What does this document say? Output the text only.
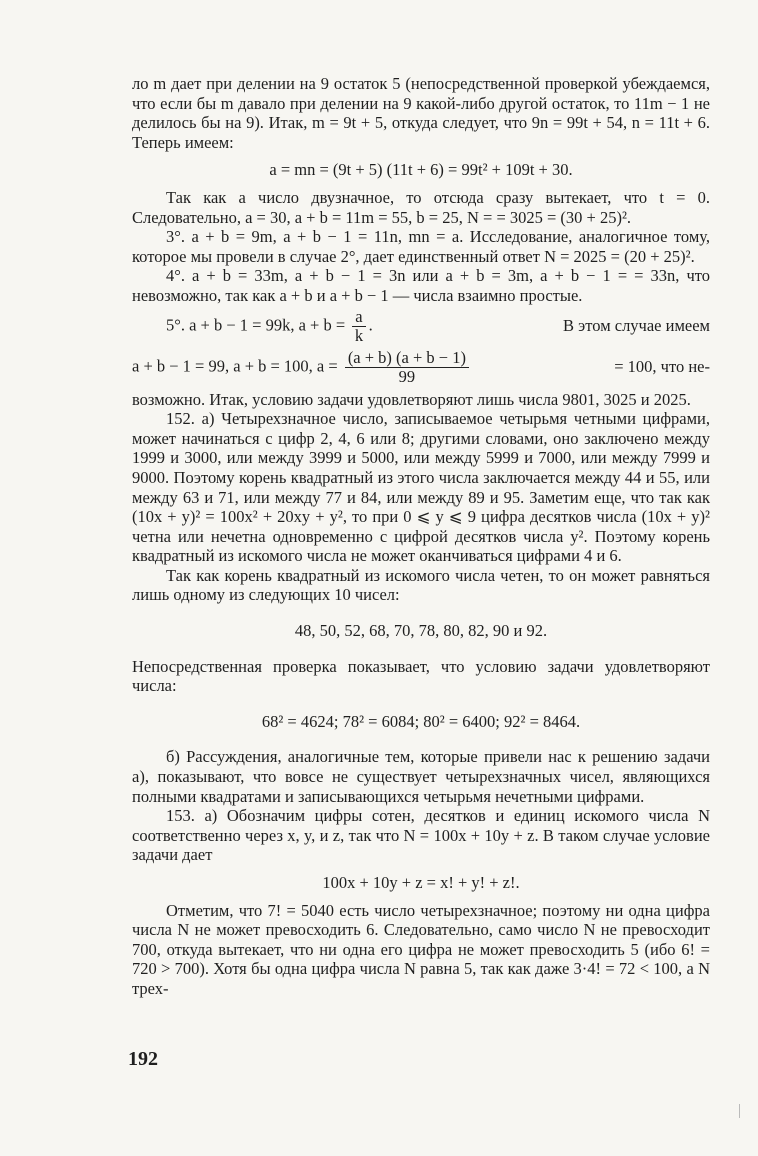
ло m дает при делении на 9 остаток 5 (непосредственной проверкой убеждаемся, что если бы m давало при делении на 9 какой-либо другой остаток, то 11m − 1 не делилось бы на 9). Итак, m = 9t + 5, откуда следует, что 9n = 99t + 54, n = 11t + 6. Теперь имеем:

a = mn = (9t + 5) (11t + 6) = 99t² + 109t + 30.

Так как a число двузначное, то отсюда сразу вытекает, что t = 0. Следовательно, a = 30, a + b = 11m = 55, b = 25, N = = 3025 = (30 + 25)².

3°. a + b = 9m, a + b − 1 = 11n, mn = a. Исследование, аналогичное тому, которое мы провели в случае 2°, дает единственный ответ N = 2025 = (20 + 25)².

4°. a + b = 33m, a + b − 1 = 3n или a + b = 3m, a + b − 1 = = 33n, что невозможно, так как a + b и a + b − 1 — числа взаимно простые.

5°. a + b − 1 = 99k, $a + b = \frac{a}{k}$ .	В этом случае имеем
a + b − 1 = 99, a + b = 100, $a = \frac{(a + b) (a + b - 1)}{99}$	= 100, что не-

возможно. Итак, условию задачи удовлетворяют лишь числа 9801, 3025 и 2025.

152. а) Четырехзначное число, записываемое четырьмя четными цифрами, может начинаться с цифр 2, 4, 6 или 8; другими словами, оно заключено между 1999 и 3000, или между 3999 и 5000, или между 5999 и 7000, или между 7999 и 9000. Поэтому корень квадратный из этого числа заключается между 44 и 55, или между 63 и 71, или между 77 и 84, или между 89 и 95. Заметим еще, что так как (10x + y)² = 100x² + 20xy + y², то при 0 ⩽ y ⩽ 9 цифра десятков числа (10x + y)² четна или нечетна одновременно с цифрой десятков числа y². Поэтому корень квадратный из искомого числа не может оканчиваться цифрами 4 и 6.

Так как корень квадратный из искомого числа четен, то он может равняться лишь одному из следующих 10 чисел:

48, 50, 52, 68, 70, 78, 80, 82, 90 и 92.

Непосредственная проверка показывает, что условию задачи удовлетворяют числа:

68² = 4624; 78² = 6084; 80² = 6400; 92² = 8464.

б) Рассуждения, аналогичные тем, которые привели нас к решению задачи а), показывают, что вовсе не существует четырехзначных чисел, являющихся полными квадратами и записывающихся четырьмя нечетными цифрами.

153. а) Обозначим цифры сотен, десятков и единиц искомого числа N соответственно через x, y, и z, так что N = 100x + 10y + z. В таком случае условие задачи дает

100x + 10y + z = x! + y! + z!.

Отметим, что 7! = 5040 есть число четырехзначное; поэтому ни одна цифра числа N не может превосходить 6. Следовательно, само число N не превосходит 700, откуда вытекает, что ни одна его цифра не может превосходить 5 (ибо 6! = 720 > 700). Хотя бы одна цифра числа N равна 5, так как даже 3·4! = 72 < 100, а N трех-

192
